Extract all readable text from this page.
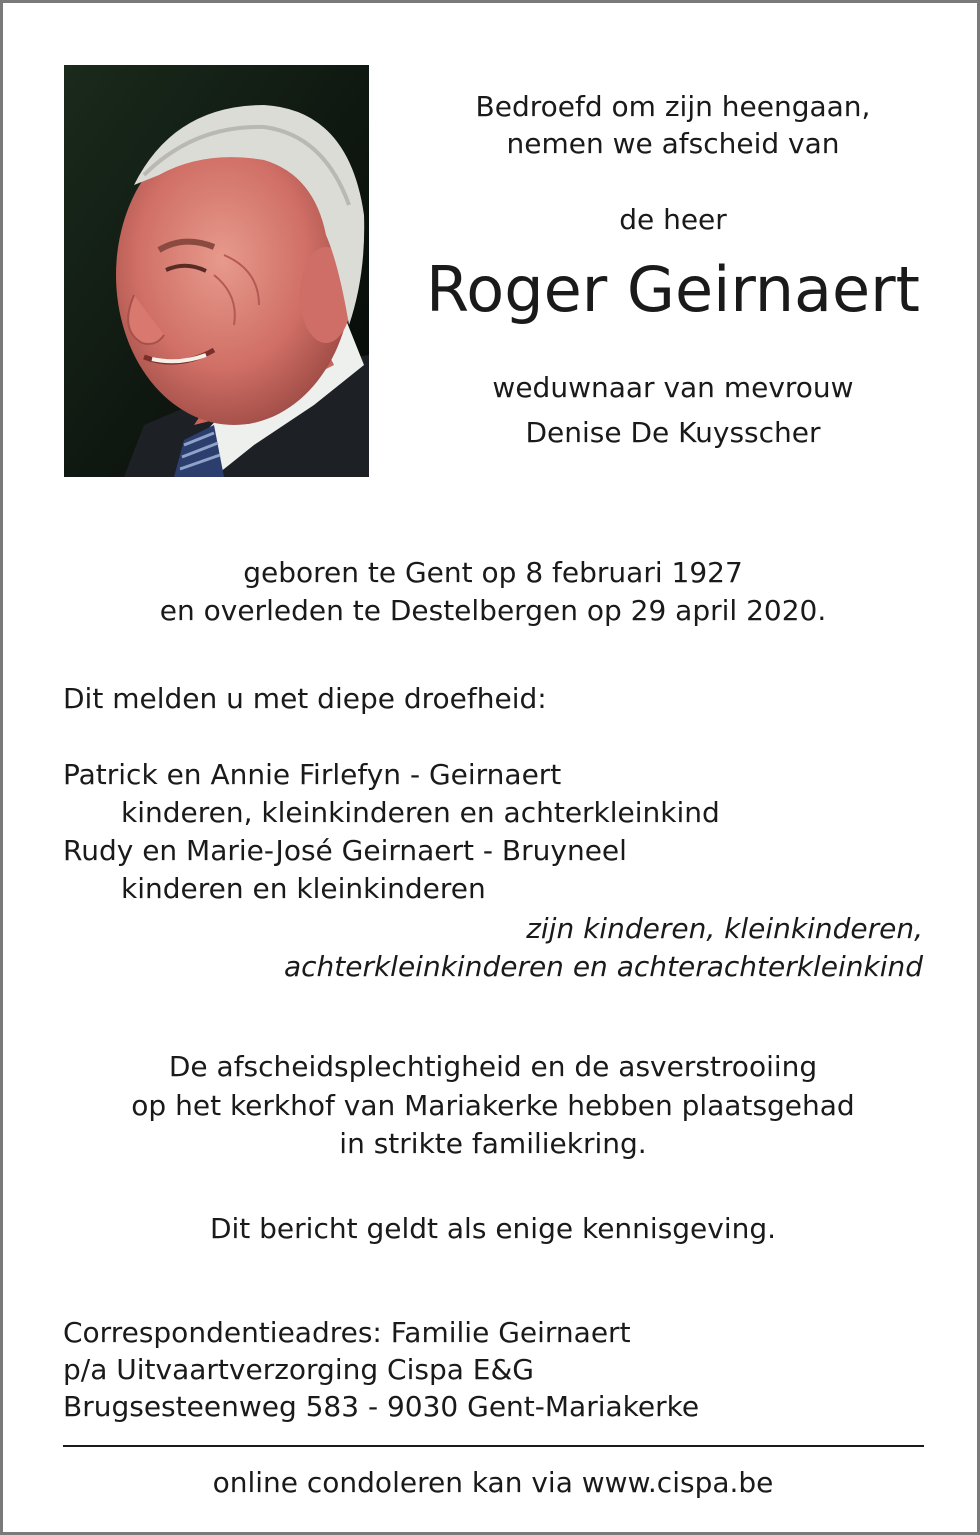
Bedroefd om zijn heengaan,
nemen we afscheid van
de heer
Roger Geirnaert
weduwnaar van mevrouw
Denise De Kuysscher
geboren te Gent op 8 februari 1927
en overleden te Destelbergen op 29 april 2020.
Dit melden u met diepe droefheid:
Patrick en Annie Firlefyn - Geirnaert
kinderen, kleinkinderen en achterkleinkind
Rudy en Marie-José Geirnaert - Bruyneel
kinderen en kleinkinderen
zijn kinderen, kleinkinderen,
achterkleinkinderen en achterachterkleinkind
De afscheidsplechtigheid en de asverstrooiing
op het kerkhof van Mariakerke hebben plaatsgehad
in strikte familiekring.
Dit bericht geldt als enige kennisgeving.
Correspondentieadres: Familie Geirnaert
p/a Uitvaartverzorging Cispa E&G
Brugsesteenweg 583 - 9030 Gent-Mariakerke
online condoleren kan via www.cispa.be
